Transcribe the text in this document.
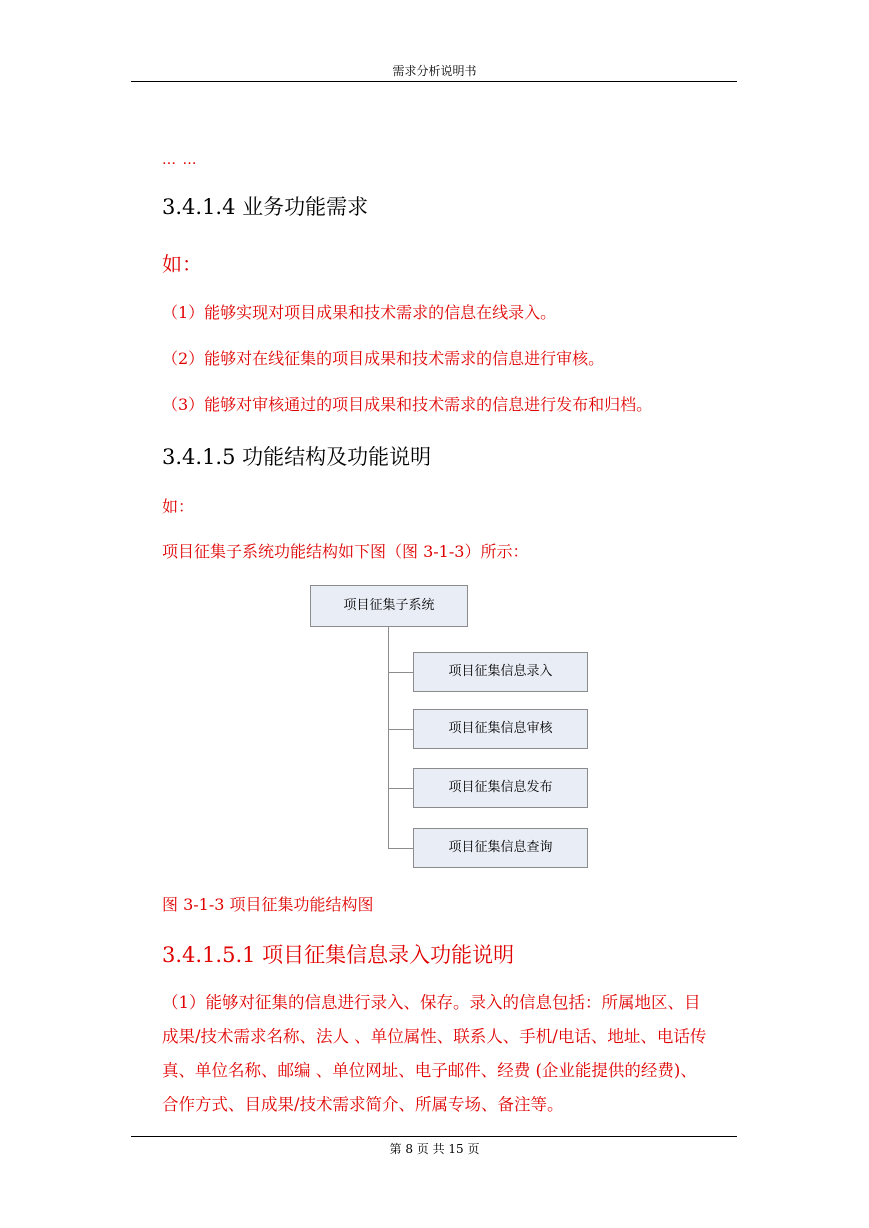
需求分析说明书
… …
3.4.1.4 业务功能需求
如：
（1）能够实现对项目成果和技术需求的信息在线录入。
（2）能够对在线征集的项目成果和技术需求的信息进行审核。
（3）能够对审核通过的项目成果和技术需求的信息进行发布和归档。
3.4.1.5 功能结构及功能说明
如：
项目征集子系统功能结构如下图（图 3-1-3）所示：
项目征集子系统
项目征集信息录入
项目征集信息审核
项目征集信息发布
项目征集信息查询
图 3-1-3 项目征集功能结构图
3.4.1.5.1 项目征集信息录入功能说明
（1）能够对征集的信息进行录入、保存。录入的信息包括：所属地区、目
成果/技术需求名称、法人 、单位属性、联系人、手机/电话、地址、电话传
真、单位名称、邮编 、单位网址、电子邮件、经费 (企业能提供的经费)、
合作方式、目成果/技术需求简介、所属专场、备注等。
第 8 页 共 15 页
